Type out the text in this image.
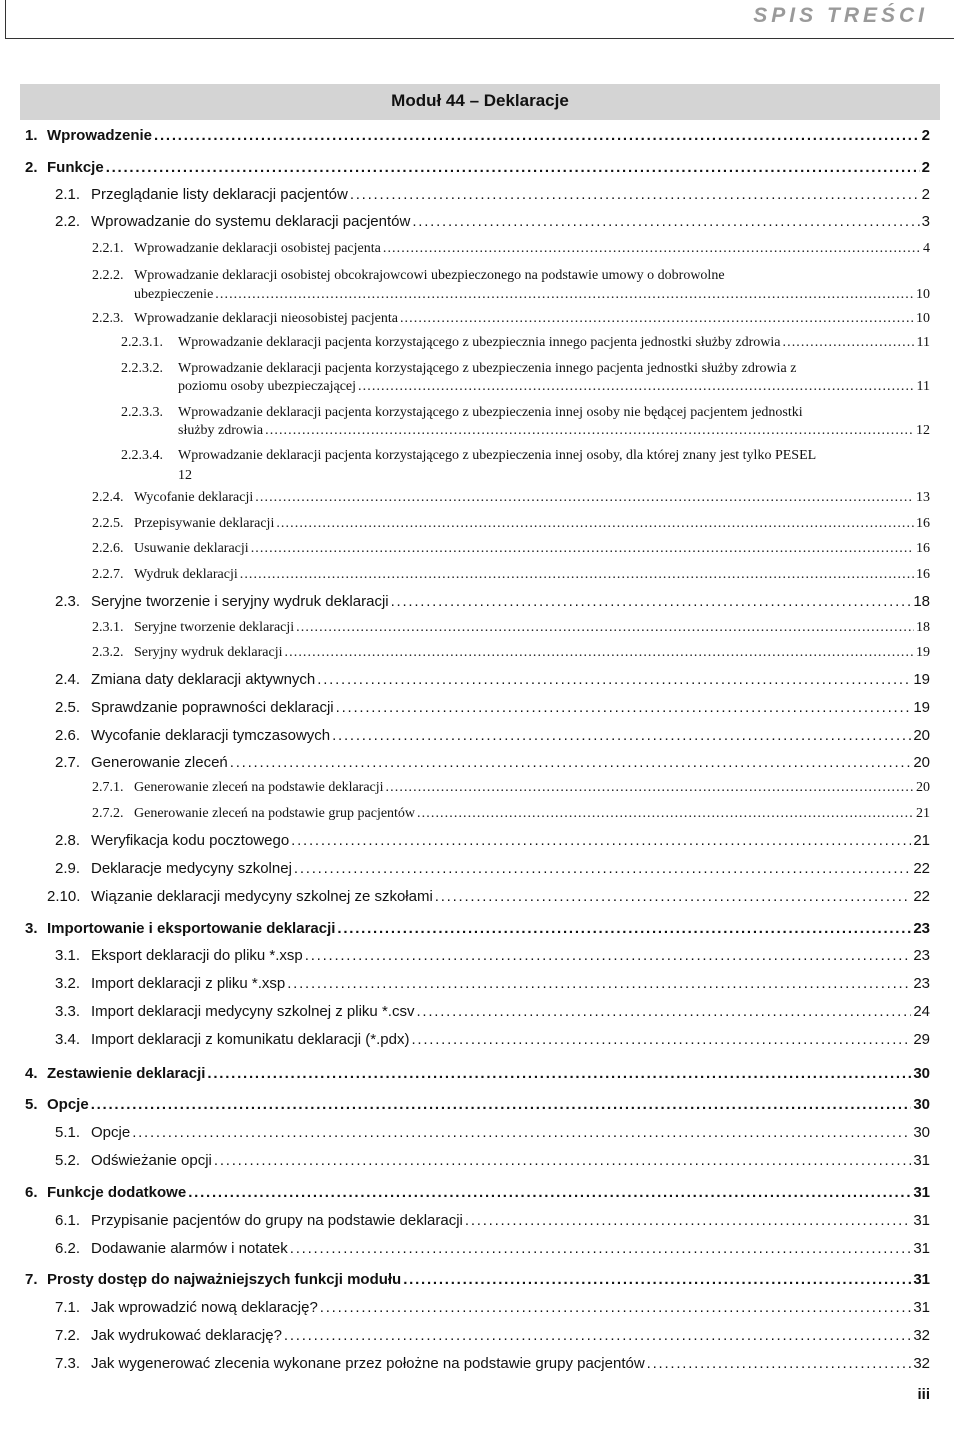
SPIS TREŚCI
Moduł 44 – Deklaracje
1. Wprowadzenie . . .	2
2. Funkcje . . .	2
2.1. Przeglądanie listy deklaracji pacjentów . . .	2
2.2. Wprowadzanie do systemu deklaracji pacjentów . . .	3
2.2.1. Wprowadzanie deklaracji osobistej pacjenta . . .	4
2.2.2. Wprowadzanie deklaracji osobistej obcokrajowcowi ubezpieczonego na podstawie umowy o dobrowolne
ubezpieczenie . . .	10
2.2.3. Wprowadzanie deklaracji nieosobistej pacjenta . . .	10
2.2.3.1.	Wprowadzanie deklaracji pacjenta korzystającego z ubezpiecznia innego pacjenta jednostki służby zdrowia . . .	11
2.2.3.2. Wprowadzanie deklaracji pacjenta korzystającego z ubezpieczenia innego pacjenta jednostki służby zdrowia z
poziomu osoby ubezpieczającej . . .	11
2.2.3.3. Wprowadzanie deklaracji pacjenta korzystającego z ubezpieczenia innej osoby nie będącej pacjentem jednostki
służby zdrowia . . .	12
2.2.3.4. Wprowadzanie deklaracji pacjenta korzystającego z ubezpieczenia innej osoby, dla której znany jest tylko PESEL
12
2.2.4. Wycofanie deklaracji . . .	13
2.2.5. Przepisywanie deklaracji . . .	16
2.2.6. Usuwanie deklaracji . . .	16
2.2.7. Wydruk deklaracji . . .	16
2.3. Seryjne tworzenie i seryjny wydruk deklaracji . . .	18
2.3.1. Seryjne tworzenie deklaracji . . .	18
2.3.2. Seryjny wydruk deklaracji . . .	19
2.4. Zmiana daty deklaracji aktywnych . . .	19
2.5. Sprawdzanie poprawności deklaracji . . .	19
2.6. Wycofanie deklaracji tymczasowych . . .	20
2.7. Generowanie zleceń . . .	20
2.7.1. Generowanie zleceń na podstawie deklaracji . . .	20
2.7.2. Generowanie zleceń na podstawie grup pacjentów . . .	21
2.8. Weryfikacja kodu pocztowego . . .	21
2.9. Deklaracje medycyny szkolnej . . .	22
2.10. Wiązanie deklaracji medycyny szkolnej ze szkołami . . .	22
3. Importowanie i eksportowanie deklaracji . . .	23
3.1. Eksport deklaracji do pliku *.xsp . . .	23
3.2. Import deklaracji z pliku *.xsp . . .	23
3.3. Import deklaracji medycyny szkolnej z pliku *.csv . . .	24
3.4. Import deklaracji z komunikatu deklaracji (*.pdx) . . .	29
4. Zestawienie deklaracji . . .	30
5. Opcje . . .	30
5.1. Opcje . . .	30
5.2. Odświeżanie opcji . . .	31
6. Funkcje dodatkowe . . .	31
6.1. Przypisanie pacjentów do grupy na podstawie deklaracji . . .	31
6.2. Dodawanie alarmów i notatek . . .	31
7. Prosty dostęp do najważniejszych funkcji modułu . . .	31
7.1. Jak wprowadzić nową deklarację? . . .	31
7.2. Jak wydrukować deklarację? . . .	32
7.3. Jak wygenerować zlecenia wykonane przez położne na podstawie grupy pacjentów . . .	32
iii
